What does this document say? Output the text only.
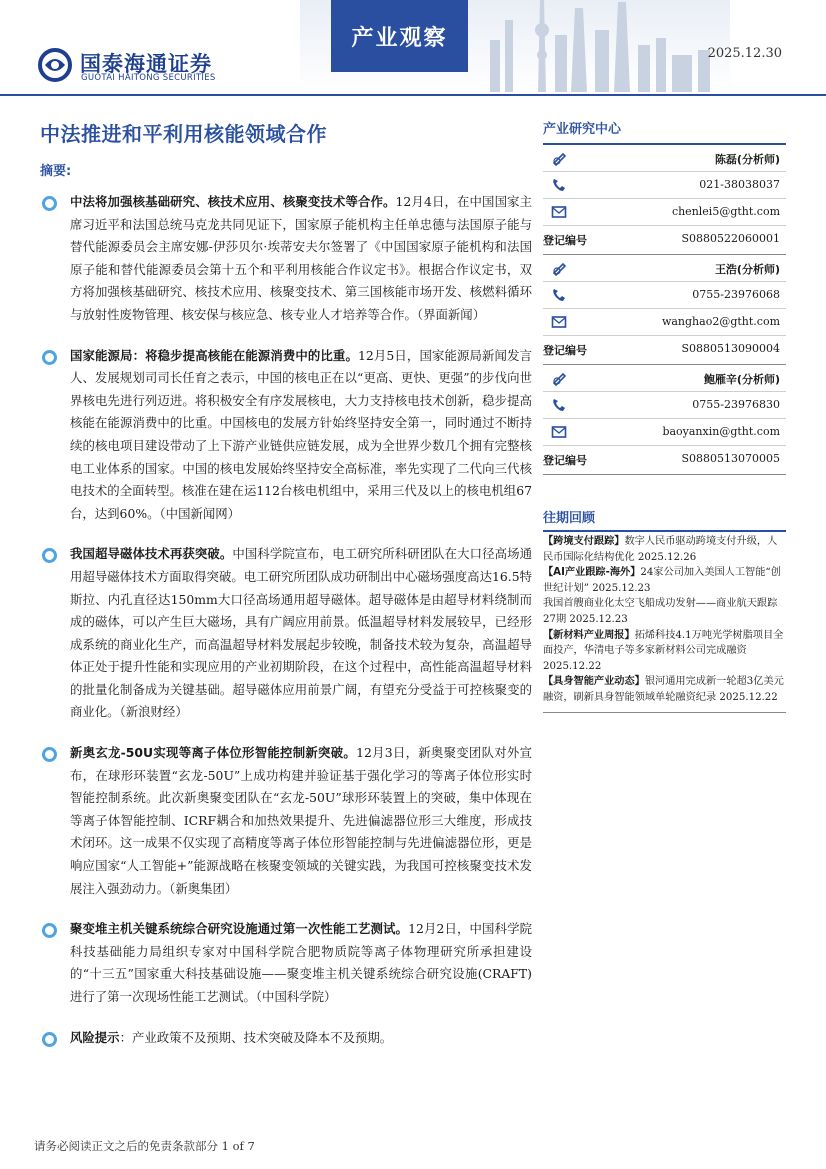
国泰海通证券
GUOTAI HAITONG SECURITIES
产业观察
2025.12.30
中法推进和平利用核能领域合作
摘要:
中法将加强核基础研究、核技术应用、核聚变技术等合作。12月4日，在中国国家主席习近平和法国总统马克龙共同见证下，国家原子能机构主任单忠德与法国原子能与替代能源委员会主席安娜-伊莎贝尔·埃蒂安夫尔签署了《中国国家原子能机构和法国原子能和替代能源委员会第十五个和平利用核能合作议定书》。根据合作议定书，双方将加强核基础研究、核技术应用、核聚变技术、第三国核能市场开发、核燃料循环与放射性废物管理、核安保与核应急、核专业人才培养等合作。（界面新闻）
国家能源局：将稳步提高核能在能源消费中的比重。12月5日，国家能源局新闻发言人、发展规划司司长任育之表示，中国的核电正在以“更高、更快、更强”的步伐向世界核电先进行列迈进。将积极安全有序发展核电，大力支持核电技术创新，稳步提高核能在能源消费中的比重。中国核电的发展方针始终坚持安全第一，同时通过不断持续的核电项目建设带动了上下游产业链供应链发展，成为全世界少数几个拥有完整核电工业体系的国家。中国的核电发展始终坚持安全高标准，率先实现了二代向三代核电技术的全面转型。核准在建在运112台核电机组中，采用三代及以上的核电机组67台，达到60%。（中国新闻网）
我国超导磁体技术再获突破。中国科学院宣布，电工研究所科研团队在大口径高场通用超导磁体技术方面取得突破。电工研究所团队成功研制出中心磁场强度高达16.5特斯拉、内孔直径达150mm大口径高场通用超导磁体。超导磁体是由超导材料绕制而成的磁体，可以产生巨大磁场，具有广阔应用前景。低温超导材料发展较早，已经形成系统的商业化生产，而高温超导材料发展起步较晚，制备技术较为复杂，高温超导体正处于提升性能和实现应用的产业初期阶段，在这个过程中，高性能高温超导材料的批量化制备成为关键基础。超导磁体应用前景广阔，有望充分受益于可控核聚变的商业化。（新浪财经）
新奥玄龙-50U实现等离子体位形智能控制新突破。12月3日，新奥聚变团队对外宣布，在球形环装置“玄龙-50U”上成功构建并验证基于强化学习的等离子体位形实时智能控制系统。此次新奥聚变团队在“玄龙-50U”球形环装置上的突破，集中体现在等离子体智能控制、ICRF耦合和加热效果提升、先进偏滤器位形三大维度，形成技术闭环。这一成果不仅实现了高精度等离子体位形智能控制与先进偏滤器位形，更是响应国家“人工智能+”能源战略在核聚变领域的关键实践，为我国可控核聚变技术发展注入强劲动力。（新奥集团）
聚变堆主机关键系统综合研究设施通过第一次性能工艺测试。12月2日，中国科学院科技基础能力局组织专家对中国科学院合肥物质院等离子体物理研究所承担建设的“十三五”国家重大科技基础设施——聚变堆主机关键系统综合研究设施(CRAFT)进行了第一次现场性能工艺测试。（中国科学院）
风险提示：产业政策不及预期、技术突破及降本不及预期。
产业研究中心
陈磊(分析师)
021-38038037
chenlei5@gtht.com
登记编号	S0880522060001
王浩(分析师)
0755-23976068
wanghao2@gtht.com
登记编号	S0880513090004
鲍雁辛(分析师)
0755-23976830
baoyanxin@gtht.com
登记编号	S0880513070005
往期回顾
【跨境支付跟踪】数字人民币驱动跨境支付升级，人民币国际化结构优化 2025.12.26
【AI产业跟踪-海外】24家公司加入美国人工智能“创世纪计划” 2025.12.23
我国首艘商业化太空飞船成功发射——商业航天跟踪27期 2025.12.23
【新材料产业周报】拓烯科技4.1万吨光学树脂项目全面投产，华清电子等多家新材料公司完成融资 2025.12.22
【具身智能产业动态】银河通用完成新一轮超3亿美元融资，刷新具身智能领域单轮融资纪录 2025.12.22
请务必阅读正文之后的免责条款部分 1 of 7
